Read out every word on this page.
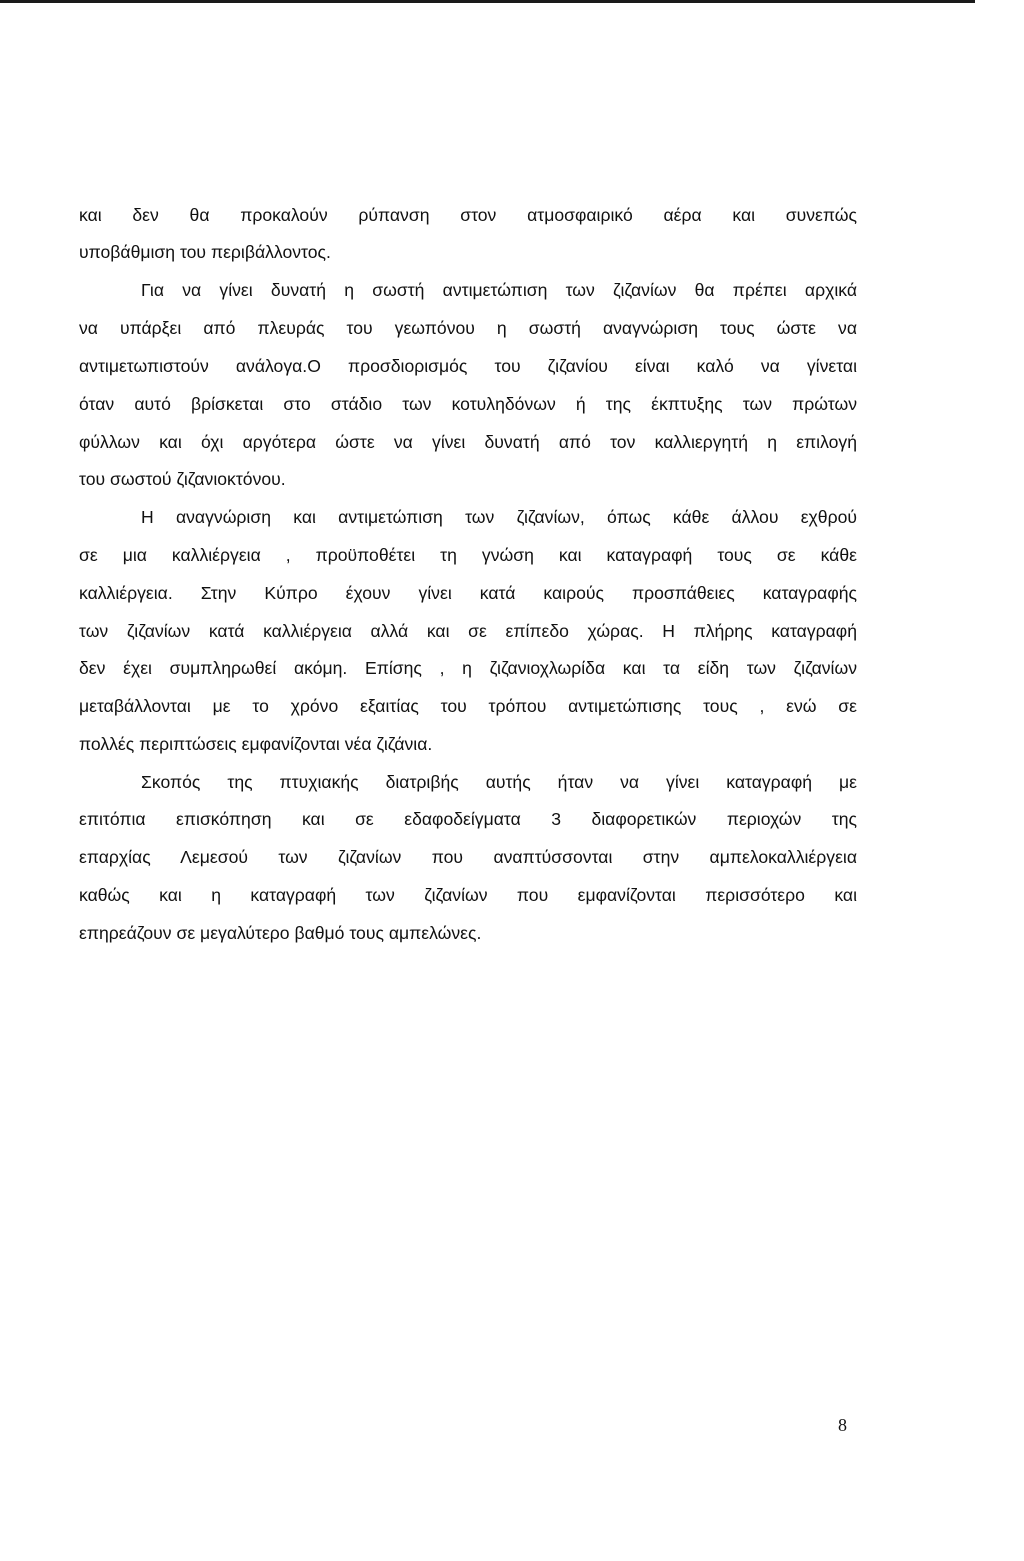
και δεν θα προκαλούν ρύπανση στον ατμοσφαιρικό αέρα και συνεπώς
υποβάθμιση του περιβάλλοντος.
Για να γίνει δυνατή η σωστή αντιμετώπιση των ζιζανίων θα πρέπει αρχικά
να υπάρξει από πλευράς του γεωπόνου η σωστή αναγνώριση τους ώστε να
αντιμετωπιστούν ανάλογα.Ο προσδιορισμός του ζιζανίου είναι καλό να γίνεται
όταν αυτό βρίσκεται στο στάδιο των κοτυληδόνων ή της έκπτυξης των πρώτων
φύλλων και όχι αργότερα ώστε να γίνει δυνατή από τον καλλιεργητή η επιλογή
του σωστού ζιζανιοκτόνου.
Η αναγνώριση και αντιμετώπιση των ζιζανίων, όπως κάθε άλλου εχθρού
σε μια καλλιέργεια , προϋποθέτει τη γνώση και καταγραφή τους σε κάθε
καλλιέργεια. Στην Κύπρο έχουν γίνει κατά καιρούς προσπάθειες καταγραφής
των ζιζανίων κατά καλλιέργεια αλλά και σε επίπεδο χώρας. Η πλήρης καταγραφή
δεν έχει συμπληρωθεί ακόμη. Επίσης , η ζιζανιοχλωρίδα και τα είδη των ζιζανίων
μεταβάλλονται με το χρόνο εξαιτίας του τρόπου αντιμετώπισης τους , ενώ σε
πολλές περιπτώσεις εμφανίζονται νέα ζιζάνια.
Σκοπός της πτυχιακής διατριβής αυτής ήταν να γίνει καταγραφή με
επιτόπια επισκόπηση και σε εδαφοδείγματα 3 διαφορετικών περιοχών της
επαρχίας Λεμεσού των ζιζανίων που αναπτύσσονται στην αμπελοκαλλιέργεια
καθώς και η καταγραφή των ζιζανίων που εμφανίζονται περισσότερο και
επηρεάζουν σε μεγαλύτερο βαθμό τους αμπελώνες.
8
